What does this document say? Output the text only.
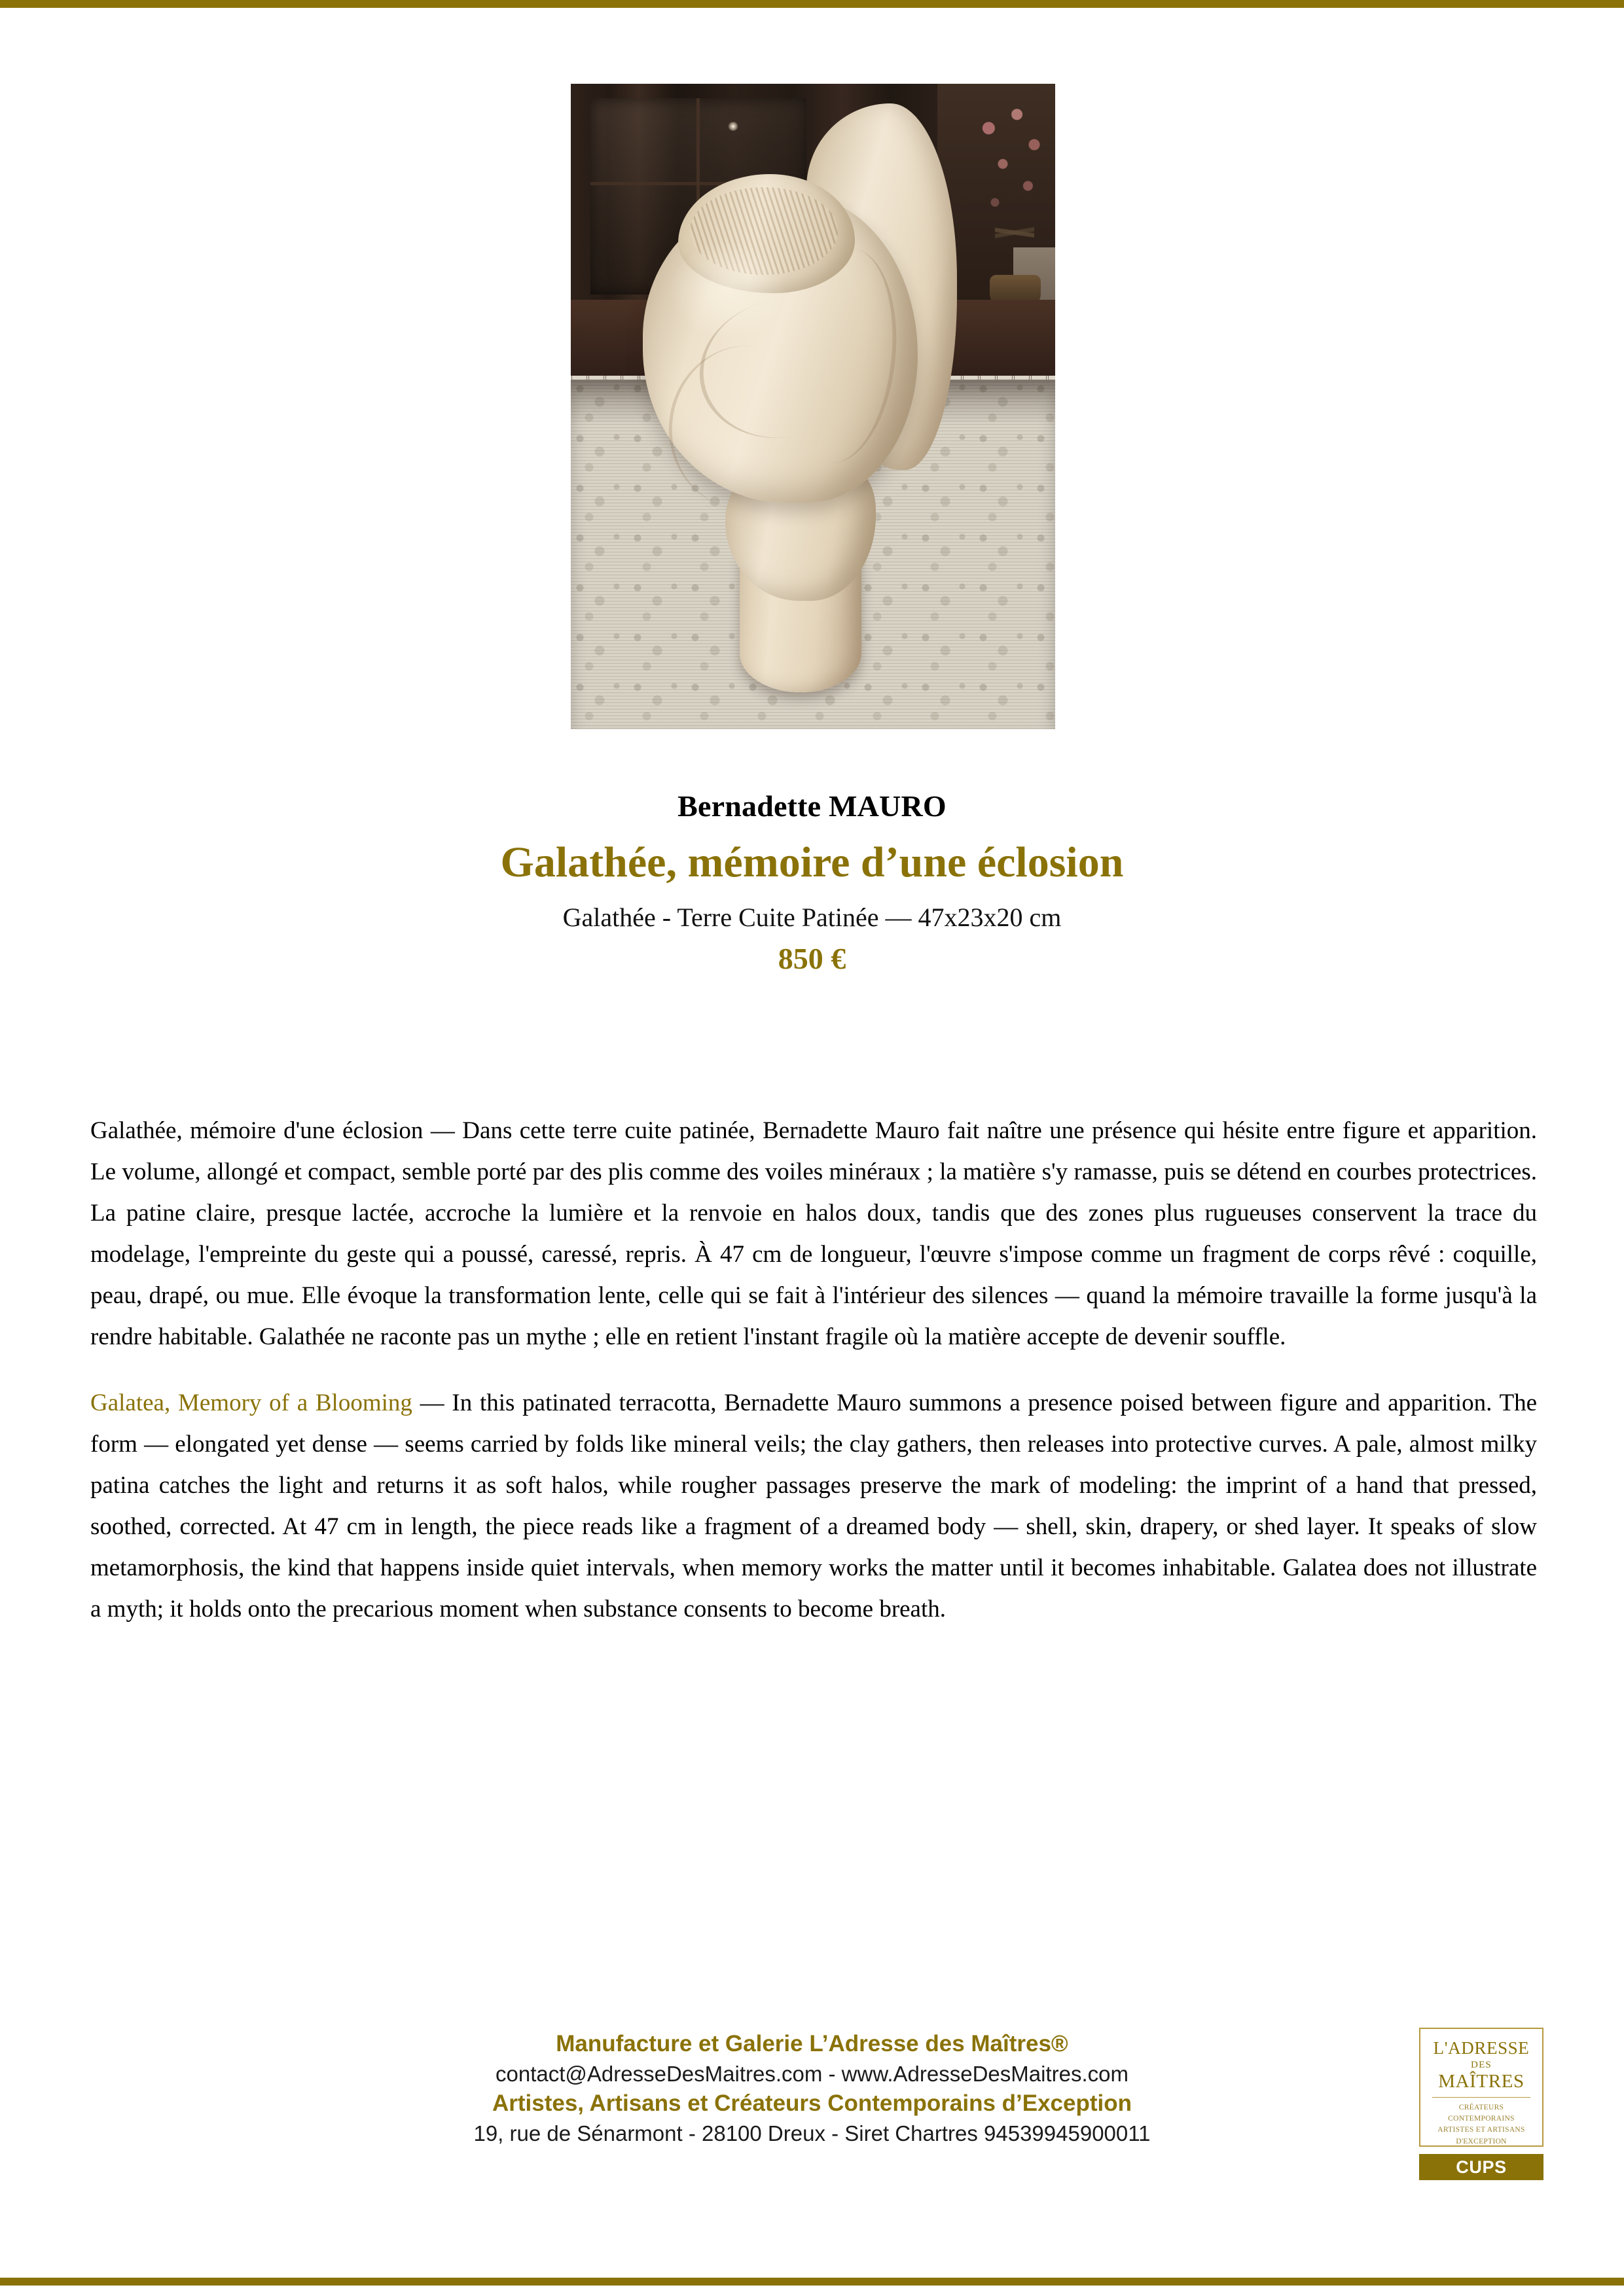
Bernadette MAURO
Galathée, mémoire d’une éclosion
Galathée - Terre Cuite Patinée — 47x23x20 cm
850 €

Galathée, mémoire d'une éclosion — Dans cette terre cuite patinée, Bernadette Mauro fait naître une présence qui hésite entre figure et apparition. Le volume, allongé et compact, semble porté par des plis comme des voiles minéraux ; la matière s'y ramasse, puis se détend en courbes protectrices. La patine claire, presque lactée, accroche la lumière et la renvoie en halos doux, tandis que des zones plus rugueuses conservent la trace du modelage, l'empreinte du geste qui a poussé, caressé, repris. À 47 cm de longueur, l'œuvre s'impose comme un fragment de corps rêvé : coquille, peau, drapé, ou mue. Elle évoque la transformation lente, celle qui se fait à l'intérieur des silences — quand la mémoire travaille la forme jusqu'à la rendre habitable. Galathée ne raconte pas un mythe ; elle en retient l'instant fragile où la matière accepte de devenir souffle.

Galatea, Memory of a Blooming — In this patinated terracotta, Bernadette Mauro summons a presence poised between figure and apparition. The form — elongated yet dense — seems carried by folds like mineral veils; the clay gathers, then releases into protective curves. A pale, almost milky patina catches the light and returns it as soft halos, while rougher passages preserve the mark of modeling: the imprint of a hand that pressed, soothed, corrected. At 47 cm in length, the piece reads like a fragment of a dreamed body — shell, skin, drapery, or shed layer. It speaks of slow metamorphosis, the kind that happens inside quiet intervals, when memory works the matter until it becomes inhabitable. Galatea does not illustrate a myth; it holds onto the precarious moment when substance consents to become breath.

Manufacture et Galerie L’Adresse des Maîtres®
contact@AdresseDesMaitres.com - www.AdresseDesMaitres.com
Artistes, Artisans et Créateurs Contemporains d’Exception
19, rue de Sénarmont - 28100 Dreux - Siret Chartres 94539945900011
L'ADRESSE
DES
MAÎTRES
CRÉATEURS CONTEMPORAINS
ARTISTES ET ARTISANS
D'EXCEPTION
CUPS
